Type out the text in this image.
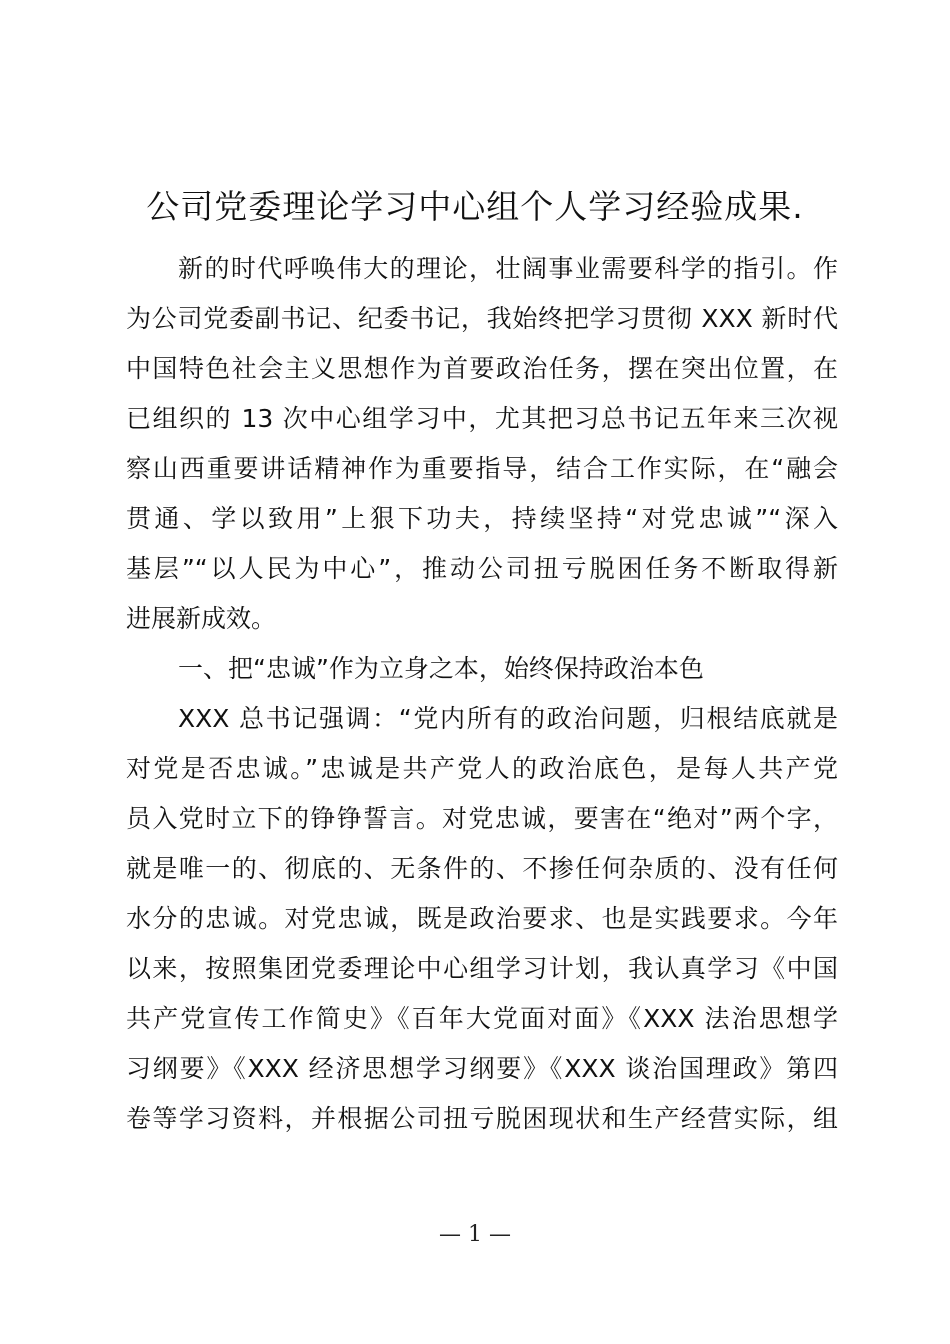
公司党委理论学习中心组个人学习经验成果.
新的时代呼唤伟大的理论，壮阔事业需要科学的指引。作
为公司党委副书记、纪委书记，我始终把学习贯彻 XXX 新时代
中国特色社会主义思想作为首要政治任务，摆在突出位置，在
已组织的 13 次中心组学习中，尤其把习总书记五年来三次视
察山西重要讲话精神作为重要指导，结合工作实际，在“融会
贯通、学以致用”上狠下功夫，持续坚持“对党忠诚”“深入
基层”“以人民为中心”，推动公司扭亏脱困任务不断取得新
进展新成效。
一、把“忠诚”作为立身之本，始终保持政治本色
XXX 总书记强调：“党内所有的政治问题，归根结底就是
对党是否忠诚。”忠诚是共产党人的政治底色，是每人共产党
员入党时立下的铮铮誓言。对党忠诚，要害在“绝对”两个字，
就是唯一的、彻底的、无条件的、不掺任何杂质的、没有任何
水分的忠诚。对党忠诚，既是政治要求、也是实践要求。今年
以来，按照集团党委理论中心组学习计划，我认真学习《中国
共产党宣传工作简史》《百年大党面对面》《XXX 法治思想学
习纲要》《XXX 经济思想学习纲要》《XXX 谈治国理政》第四
卷等学习资料，并根据公司扭亏脱困现状和生产经营实际，组
— 1 —
